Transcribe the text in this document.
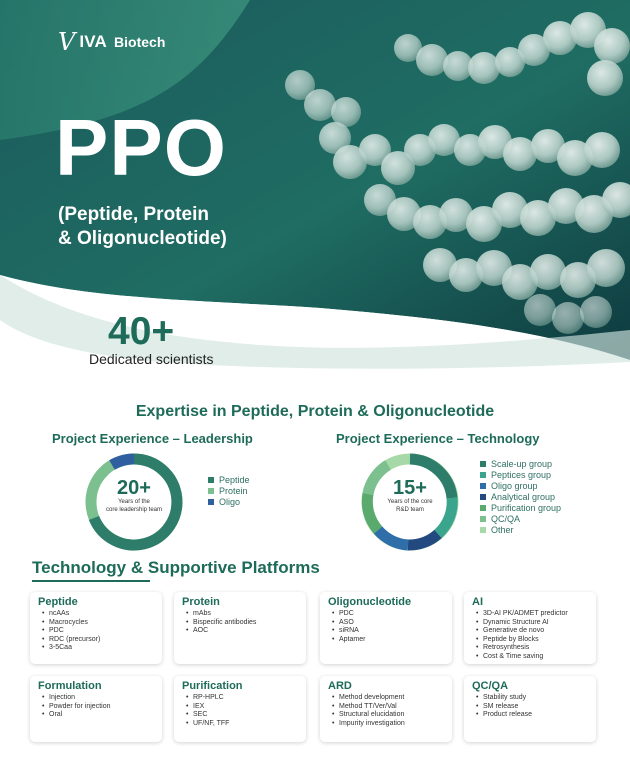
V IVA Biotech
PPO
(Peptide, Protein
& Oligonucleotide)
40+
Dedicated scientists
Expertise in Peptide, Protein & Oligonucleotide
Project Experience – Leadership	Project Experience – Technology
20+
Years of the
core leadership team
Peptide
Protein
Oligo
15+
Years of the core
R&D team
Scale-up group
Peptices group
Oligo group
Analytical group
Purification group
QC/QA
Other
Technology & Supportive Platforms
Peptide
• ncAAs
• Macrocycles
• PDC
• RDC (precursor)
• 3-5Caa
Protein
• mAbs
• Bispecific antibodies
• AOC
Oligonucleotide
• PDC
• ASO
• siRNA
• Aptamer
AI
• 3D-AI PK/ADMET predictor
• Dynamic Structure AI
• Generative de novo
• Peptide by Blocks
• Retrosynthesis
• Cost & Time saving
Formulation
• Injection
• Powder for injection
• Oral
Purification
• RP-HPLC
• IEX
• SEC
• UF/NF, TFF
ARD
• Method development
• Method TT/Ver/Val
• Structural elucidation
• Impurity investigation
QC/QA
• Stability study
• SM release
• Product release
